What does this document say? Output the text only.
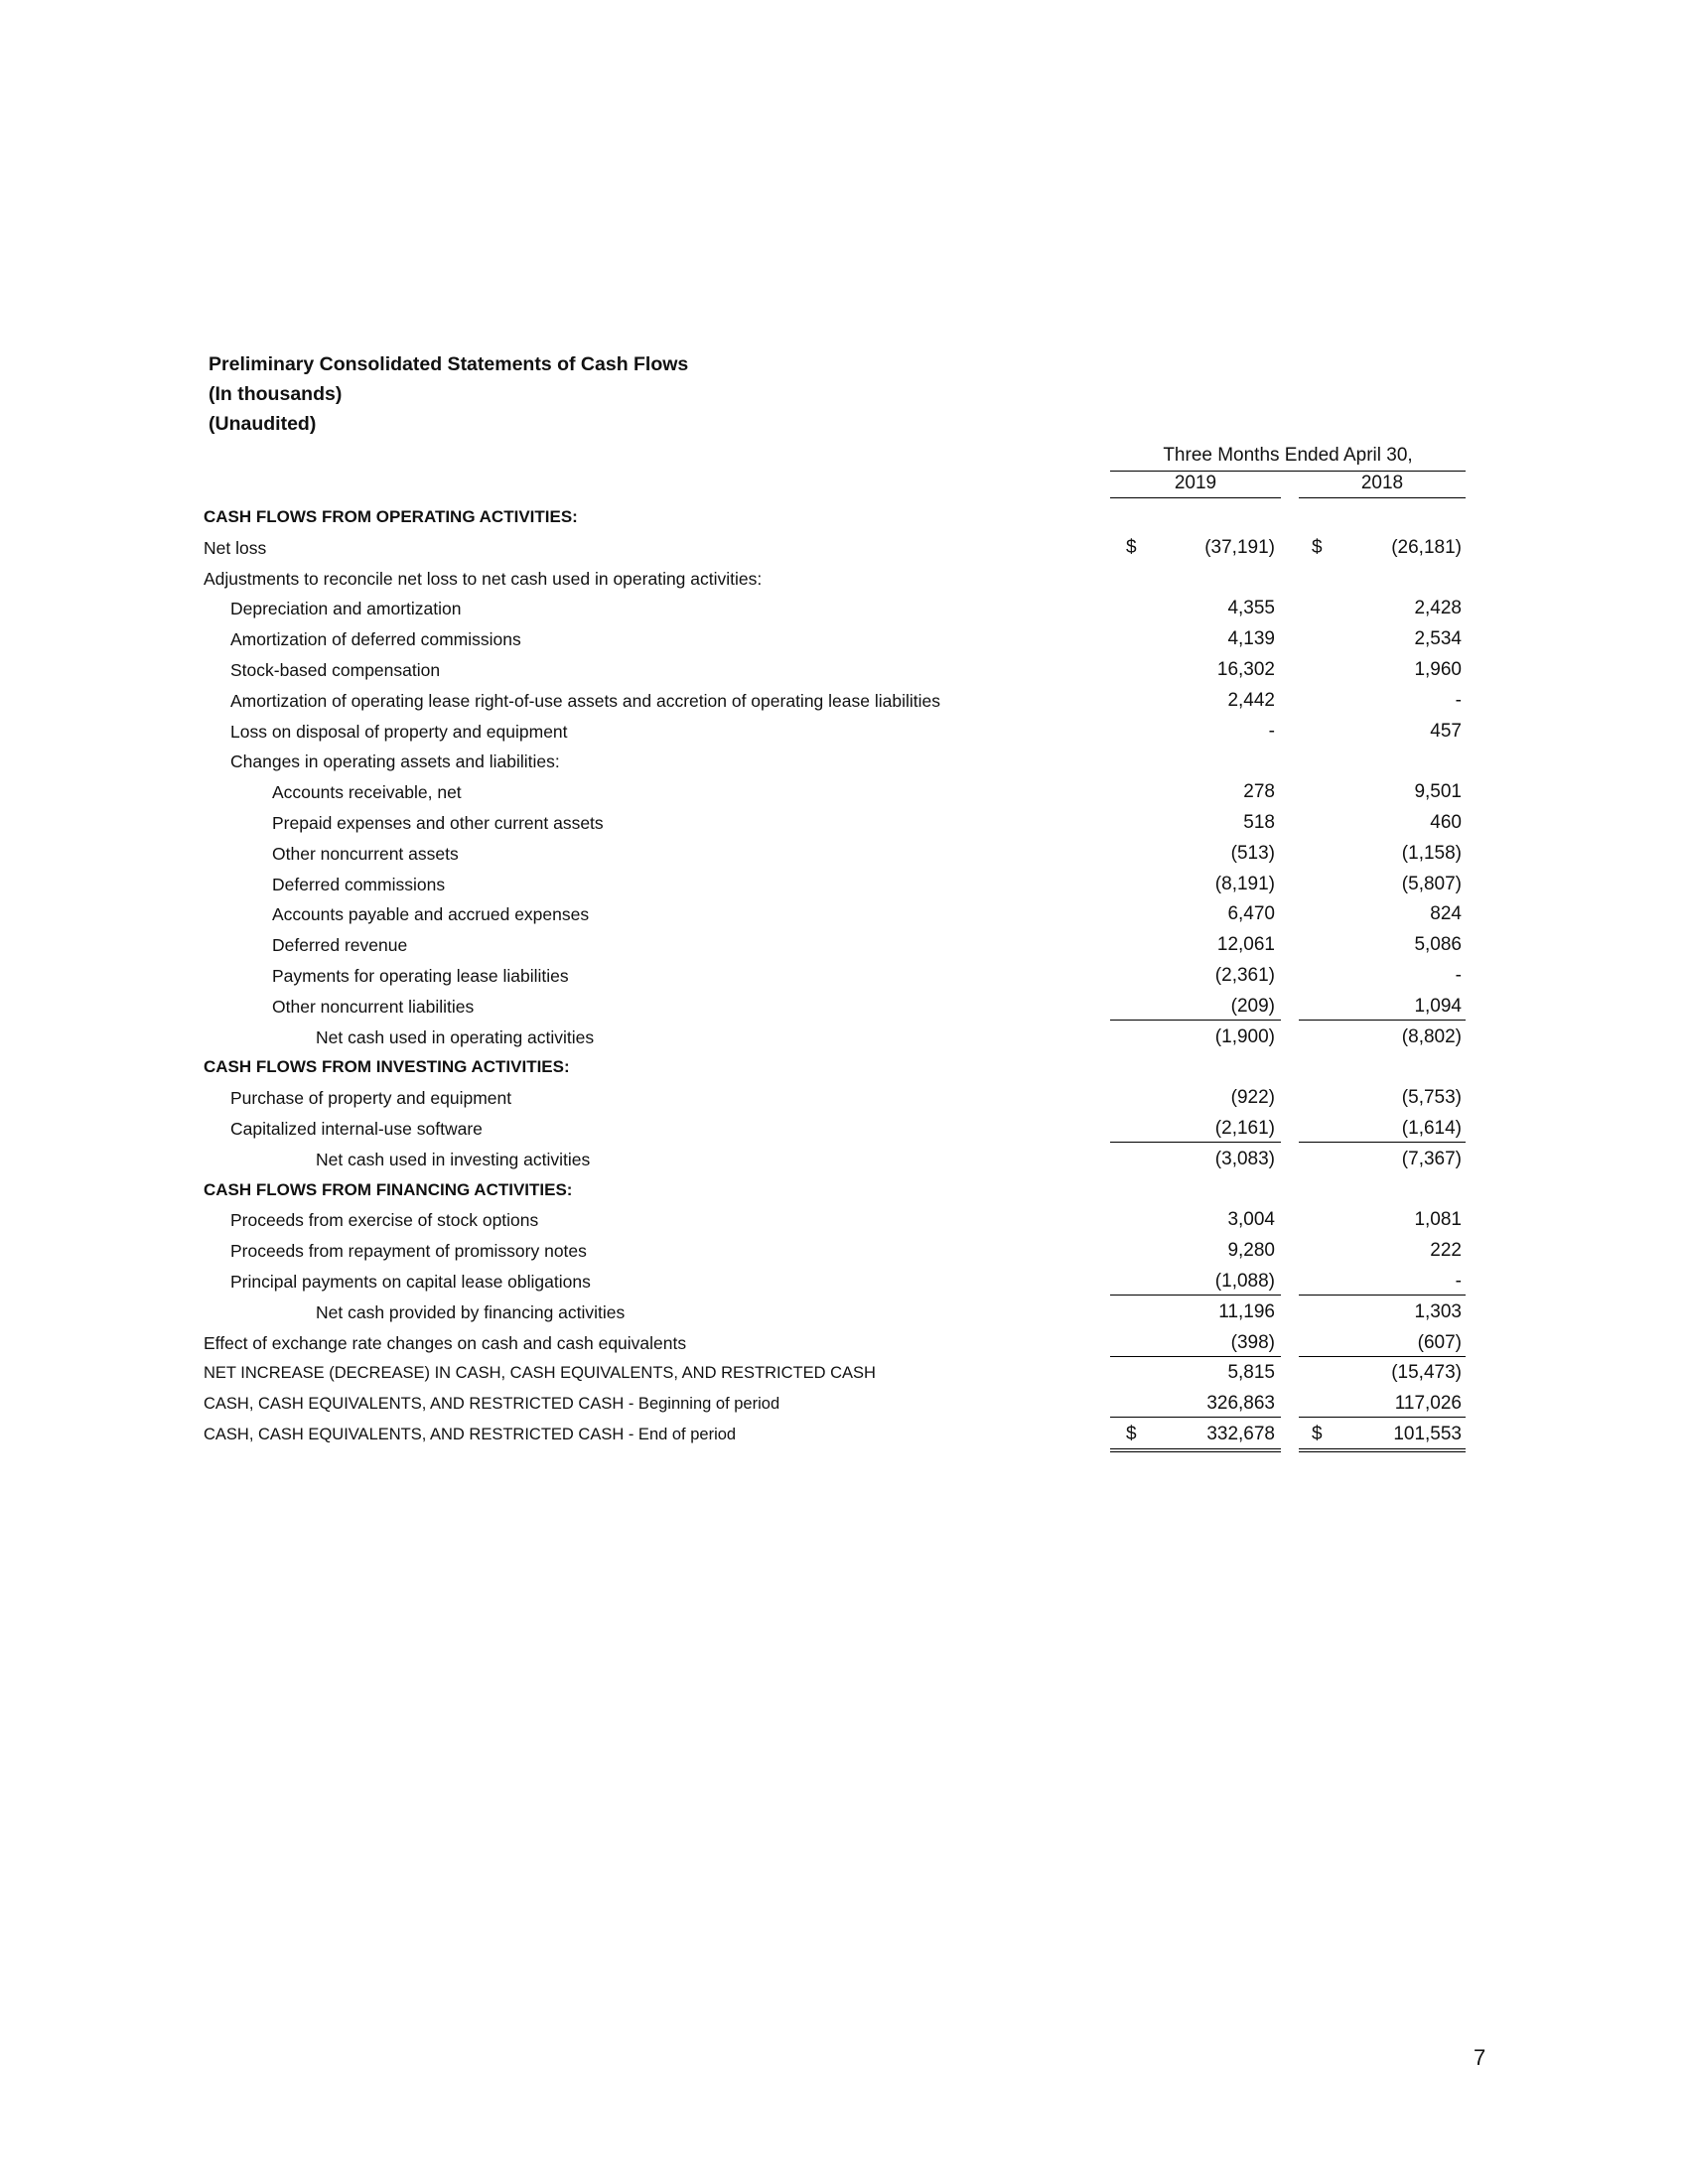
Preliminary Consolidated Statements of Cash Flows
(In thousands)
(Unaudited)
Three Months Ended April 30,
2019	2018
CASH FLOWS FROM OPERATING ACTIVITIES:
Net loss	$	(37,191)	$	(26,181)
Adjustments to reconcile net loss to net cash used in operating activities:
Depreciation and amortization	4,355	2,428
Amortization of deferred commissions	4,139	2,534
Stock-based compensation	16,302	1,960
Amortization of operating lease right-of-use assets and accretion of operating lease liabilities	2,442	-
Loss on disposal of property and equipment	-	457
Changes in operating assets and liabilities:
Accounts receivable, net	278	9,501
Prepaid expenses and other current assets	518	460
Other noncurrent assets	(513)	(1,158)
Deferred commissions	(8,191)	(5,807)
Accounts payable and accrued expenses	6,470	824
Deferred revenue	12,061	5,086
Payments for operating lease liabilities	(2,361)	-
Other noncurrent liabilities	(209)	1,094
Net cash used in operating activities	(1,900)	(8,802)
CASH FLOWS FROM INVESTING ACTIVITIES:
Purchase of property and equipment	(922)	(5,753)
Capitalized internal-use software	(2,161)	(1,614)
Net cash used in investing activities	(3,083)	(7,367)
CASH FLOWS FROM FINANCING ACTIVITIES:
Proceeds from exercise of stock options	3,004	1,081
Proceeds from repayment of promissory notes	9,280	222
Principal payments on capital lease obligations	(1,088)	-
Net cash provided by financing activities	11,196	1,303
Effect of exchange rate changes on cash and cash equivalents	(398)	(607)
NET INCREASE (DECREASE) IN CASH, CASH EQUIVALENTS, AND RESTRICTED CASH	5,815	(15,473)
CASH, CASH EQUIVALENTS, AND RESTRICTED CASH - Beginning of period	326,863	117,026
CASH, CASH EQUIVALENTS, AND RESTRICTED CASH - End of period	$	332,678	$	101,553
7
